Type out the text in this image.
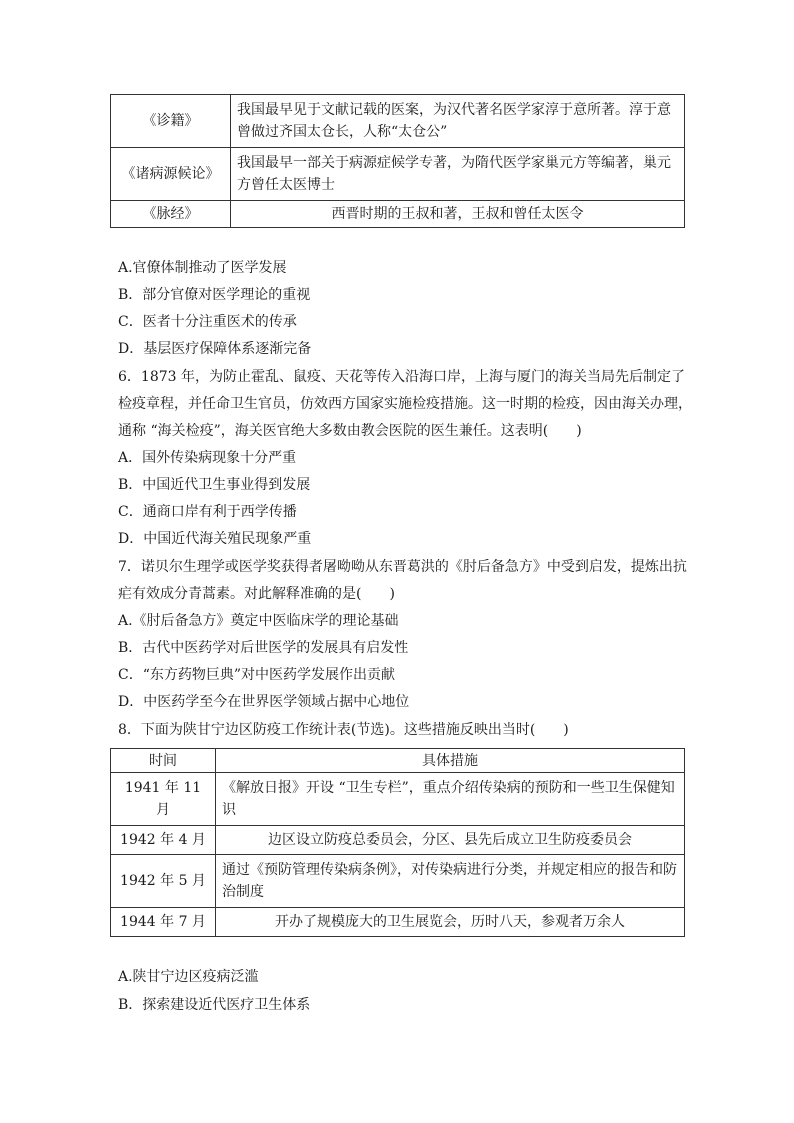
《诊籍》	我国最早见于文献记载的医案，为汉代著名医学家淳于意所著。淳于意
曾做过齐国太仓长，人称“太仓公”
《诸病源候论》	我国最早一部关于病源症候学专著，为隋代医学家巢元方等编著，巢元
方曾任太医博士
《脉经》	西晋时期的王叔和著，王叔和曾任太医令
A.官僚体制推动了医学发展
B．部分官僚对医学理论的重视
C．医者十分注重医术的传承
D．基层医疗保障体系逐渐完备
6．1873 年，为防止霍乱、鼠疫、天花等传入沿海口岸，上海与厦门的海关当局先后制定了
检疫章程，并任命卫生官员，仿效西方国家实施检疫措施。这一时期的检疫，因由海关办理，
通称 “海关检疫”，海关医官绝大多数由教会医院的医生兼任。这表明(　　)
A．国外传染病现象十分严重
B．中国近代卫生事业得到发展
C．通商口岸有利于西学传播
D．中国近代海关殖民现象严重
7．诺贝尔生理学或医学奖获得者屠呦呦从东晋葛洪的《肘后备急方》中受到启发，提炼出抗
疟有效成分青蒿素。对此解释准确的是(　　)
A.《肘后备急方》奠定中医临床学的理论基础
B．古代中医药学对后世医学的发展具有启发性
C．“东方药物巨典”对中医药学发展作出贡献
D．中医药学至今在世界医学领域占据中心地位
8．下面为陕甘宁边区防疫工作统计表(节选)。这些措施反映出当时(　　)
时间	具体措施
1941 年 11 月	《解放日报》开设 “卫生专栏”，重点介绍传染病的预防和一些卫生保健知
识
1942 年 4 月	边区设立防疫总委员会，分区、县先后成立卫生防疫委员会
1942 年 5 月	通过《预防管理传染病条例》，对传染病进行分类，并规定相应的报告和防
治制度
1944 年 7 月	开办了规模庞大的卫生展览会，历时八天，参观者万余人
A.陕甘宁边区疫病泛滥
B．探索建设近代医疗卫生体系
